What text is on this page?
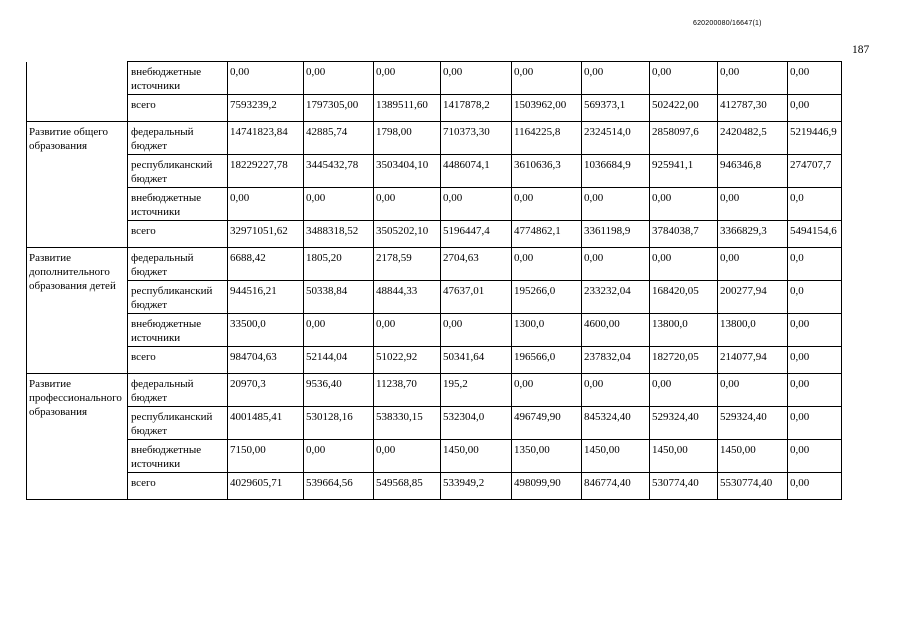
620200080/16647(1)
187
	внебюджетные источники	0,00	0,00	0,00	0,00	0,00	0,00	0,00	0,00	0,00
	всего	7593239,2	1797305,00	1389511,60	1417878,2	1503962,00	569373,1	502422,00	412787,30	0,00
Развитие общего образования	федеральный бюджет	14741823,84	42885,74	1798,00	710373,30	1164225,8	2324514,0	2858097,6	2420482,5	5219446,9
	республиканский бюджет	18229227,78	3445432,78	3503404,10	4486074,1	3610636,3	1036684,9	925941,1	946346,8	274707,7
	внебюджетные источники	0,00	0,00	0,00	0,00	0,00	0,00	0,00	0,00	0,0
	всего	32971051,62	3488318,52	3505202,10	5196447,4	4774862,1	3361198,9	3784038,7	3366829,3	5494154,6
Развитие дополнительного образования детей	федеральный бюджет	6688,42	1805,20	2178,59	2704,63	0,00	0,00	0,00	0,00	0,0
	республиканский бюджет	944516,21	50338,84	48844,33	47637,01	195266,0	233232,04	168420,05	200277,94	0,0
	внебюджетные источники	33500,0	0,00	0,00	0,00	1300,0	4600,00	13800,0	13800,0	0,00
	всего	984704,63	52144,04	51022,92	50341,64	196566,0	237832,04	182720,05	214077,94	0,00
Развитие профессионального образования	федеральный бюджет	20970,3	9536,40	11238,70	195,2	0,00	0,00	0,00	0,00	0,00
	республиканский бюджет	4001485,41	530128,16	538330,15	532304,0	496749,90	845324,40	529324,40	529324,40	0,00
	внебюджетные источники	7150,00	0,00	0,00	1450,00	1350,00	1450,00	1450,00	1450,00	0,00
	всего	4029605,71	539664,56	549568,85	533949,2	498099,90	846774,40	530774,40	5530774,40	0,00
